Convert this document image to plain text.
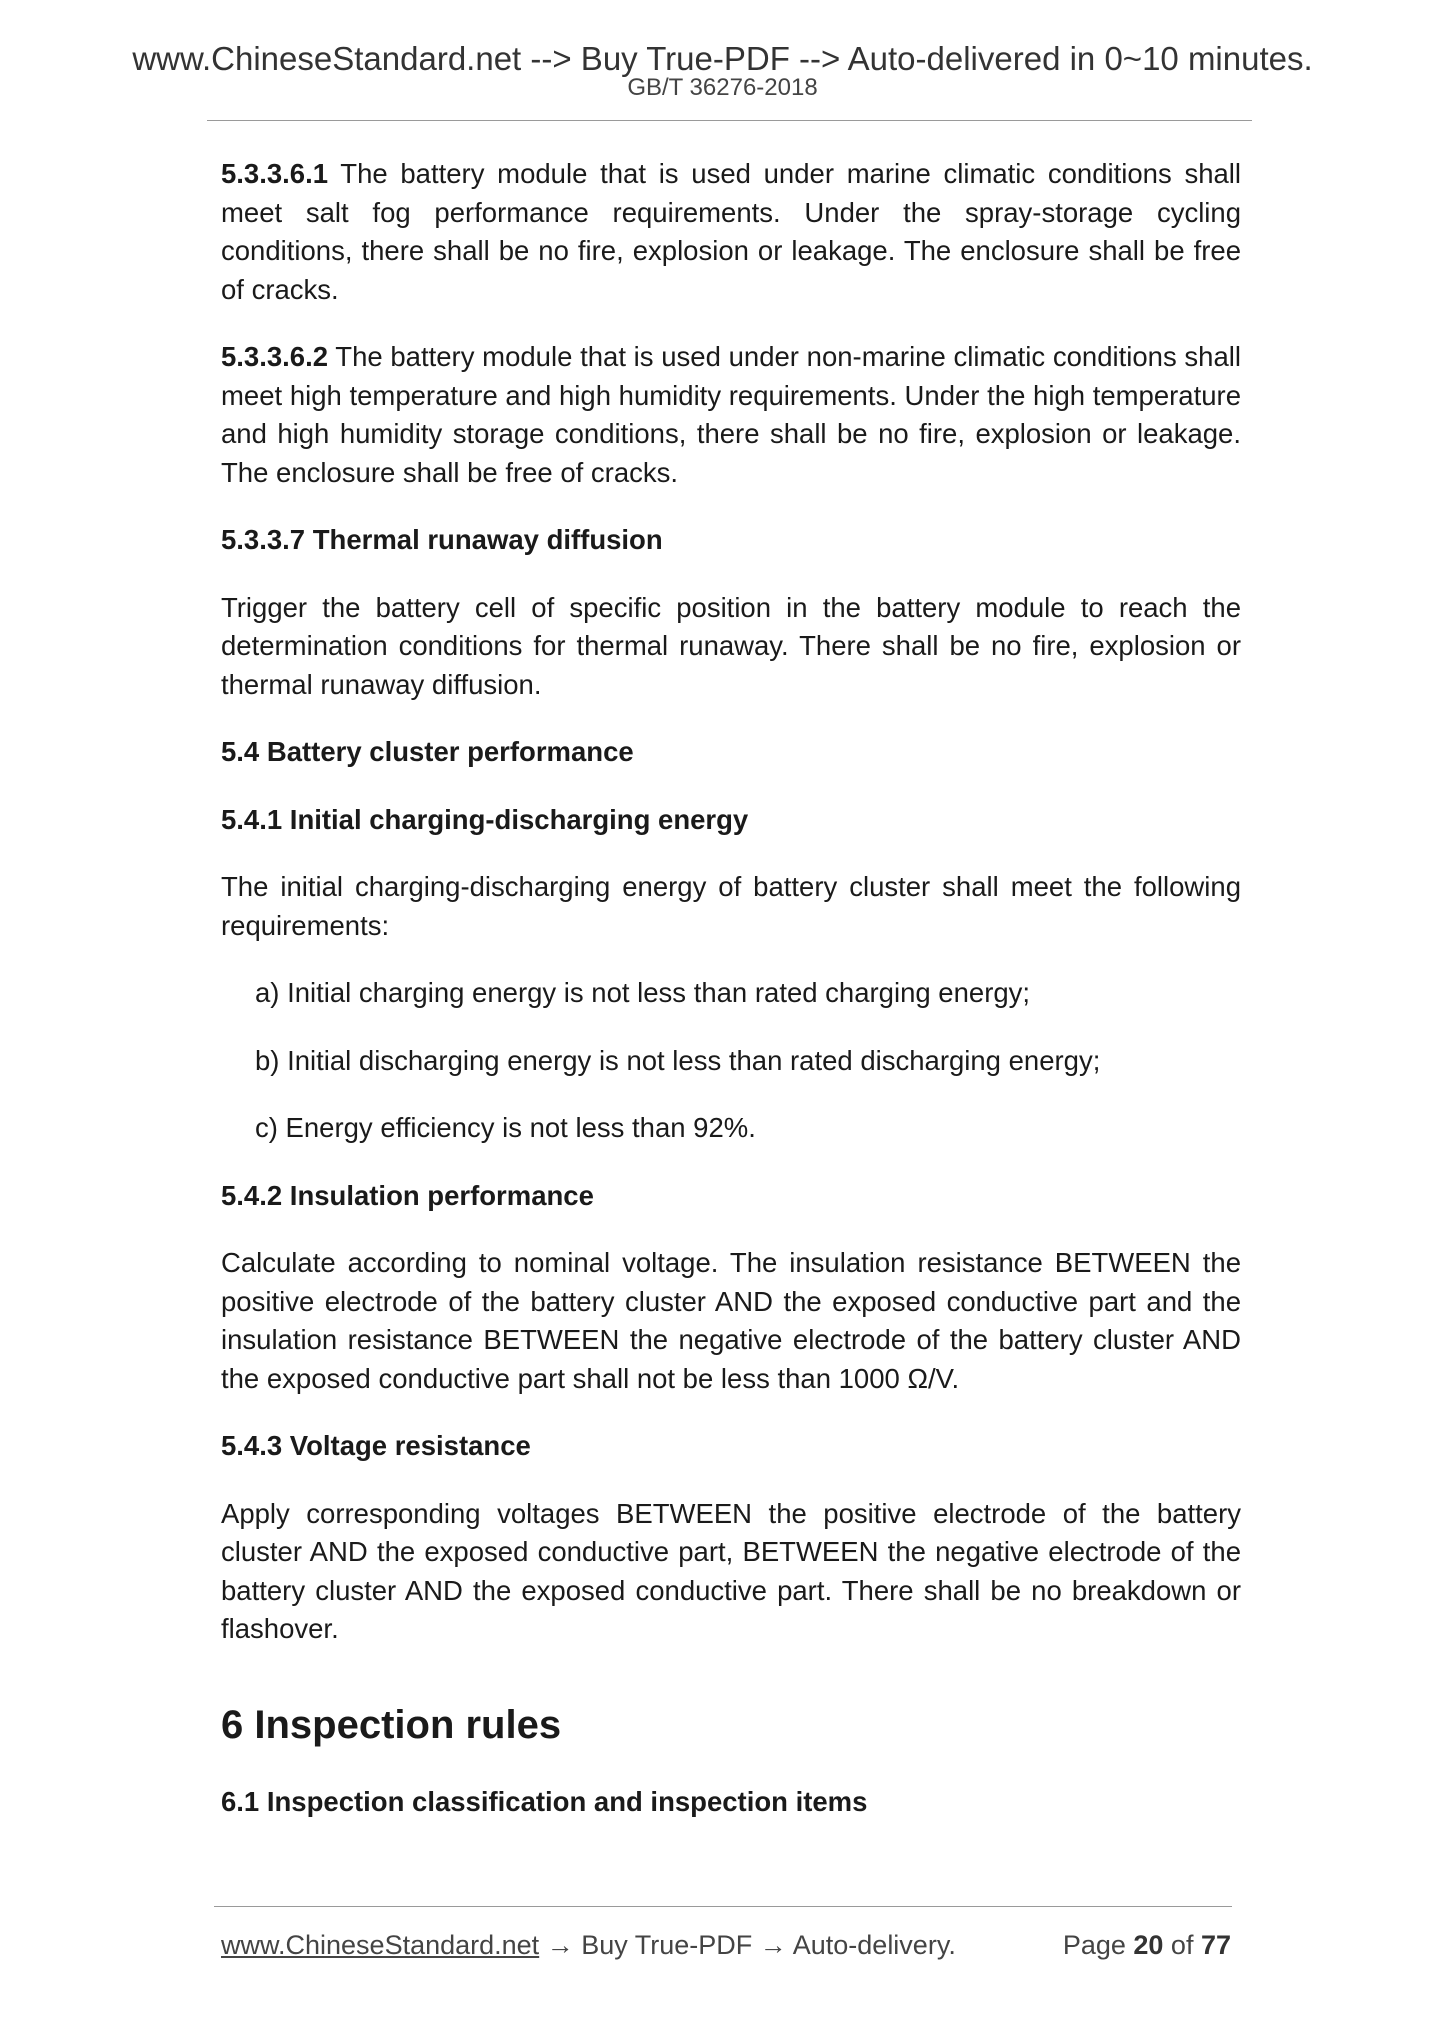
www.ChineseStandard.net --> Buy True-PDF --> Auto-delivered in 0~10 minutes.
GB/T 36276-2018

5.3.3.6.1 The battery module that is used under marine climatic conditions shall meet salt fog performance requirements. Under the spray-storage cycling conditions, there shall be no fire, explosion or leakage. The enclosure shall be free of cracks.

5.3.3.6.2 The battery module that is used under non-marine climatic conditions shall meet high temperature and high humidity requirements. Under the high temperature and high humidity storage conditions, there shall be no fire, explosion or leakage. The enclosure shall be free of cracks.

5.3.3.7 Thermal runaway diffusion

Trigger the battery cell of specific position in the battery module to reach the determination conditions for thermal runaway. There shall be no fire, explosion or thermal runaway diffusion.

5.4 Battery cluster performance
5.4.1 Initial charging-discharging energy

The initial charging-discharging energy of battery cluster shall meet the following requirements:

a) Initial charging energy is not less than rated charging energy;
b) Initial discharging energy is not less than rated discharging energy;
c) Energy efficiency is not less than 92%.
5.4.2 Insulation performance

Calculate according to nominal voltage. The insulation resistance BETWEEN the positive electrode of the battery cluster AND the exposed conductive part and the insulation resistance BETWEEN the negative electrode of the battery cluster AND the exposed conductive part shall not be less than 1000 Ω/V.

5.4.3 Voltage resistance

Apply corresponding voltages BETWEEN the positive electrode of the battery cluster AND the exposed conductive part, BETWEEN the negative electrode of the battery cluster AND the exposed conductive part. There shall be no breakdown or flashover.

6 Inspection rules
6.1 Inspection classification and inspection items
www.ChineseStandard.net → Buy True-PDF → Auto-delivery.	Page 20 of 77
